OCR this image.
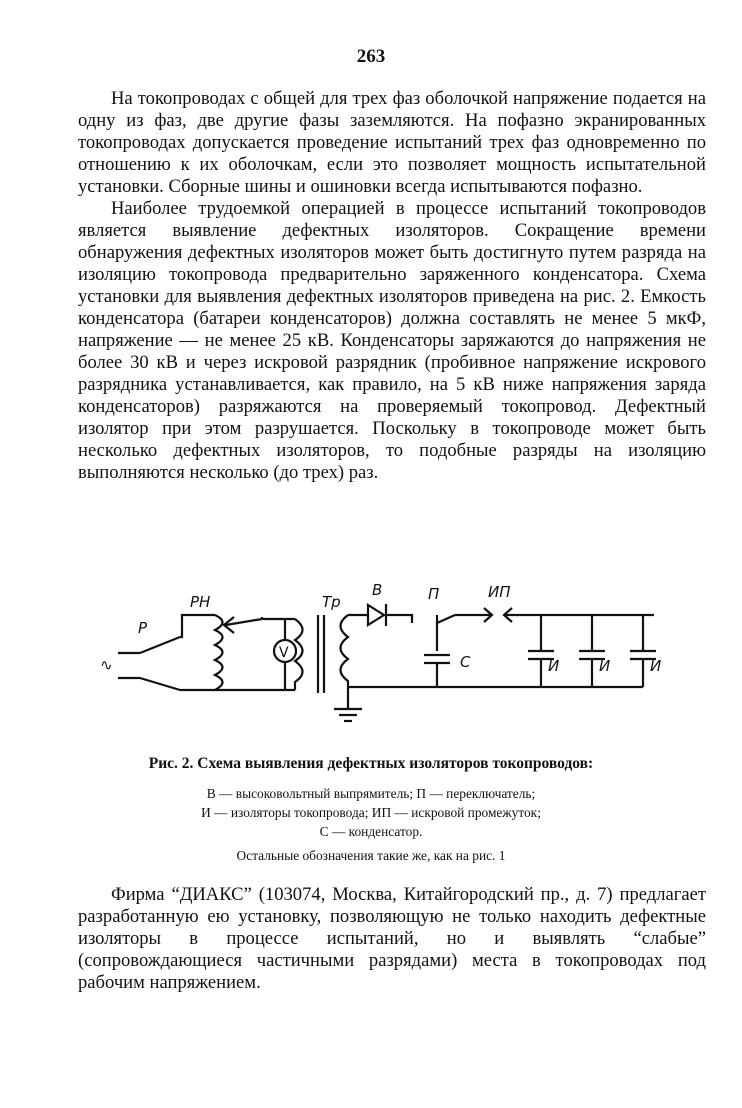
263

На токопроводах с общей для трех фаз оболочкой напряжение подается на одну из фаз, две другие фазы заземляются. На пофазно экранированных токопроводах допускается проведение испытаний трех фаз одновременно по отношению к их оболочкам, если это позволяет мощность испытательной установки. Сборные шины и ошиновки всегда испытываются пофазно.

Наиболее трудоемкой операцией в процессе испытаний токопроводов является выявление дефектных изоляторов. Сокращение времени обнаружения дефектных изоляторов может быть достигнуто путем разряда на изоляцию токопровода предварительно заряженного конденсатора. Схема установки для выявления дефектных изоляторов приведена на рис. 2. Емкость конденсатора (батареи конденсаторов) должна составлять не менее 5 мкФ, напряжение — не менее 25 кВ. Конденсаторы заряжаются до напряжения не более 30 кВ и через искровой разрядник (пробивное напряжение искрового разрядника устанавливается, как правило, на 5 кВ ниже напряжения заряда конденсаторов) разряжаются на проверяемый токопровод. Дефектный изолятор при этом разрушается. Поскольку в токопроводе может быть несколько дефектных изоляторов, то подобные разряды на изоляцию выполняются несколько (до трех) раз.

∿
Р
РН
V
Тр
В	П
С
ИП
И	И	И
Рис. 2. Схема выявления дефектных изоляторов токопроводов:
В — высоковольтный выпрямитель; П — переключатель;
И — изоляторы токопровода; ИП — искровой промежуток;
С — конденсатор.
Остальные обозначения такие же, как на рис. 1

Фирма “ДИАКС” (103074, Москва, Китайгородский пр., д. 7) предлагает разработанную ею установку, позволяющую не только находить дефектные изоляторы в процессе испытаний, но и выявлять “слабые” (сопровождающиеся частичными разрядами) места в токопроводах под рабочим напряжением.
